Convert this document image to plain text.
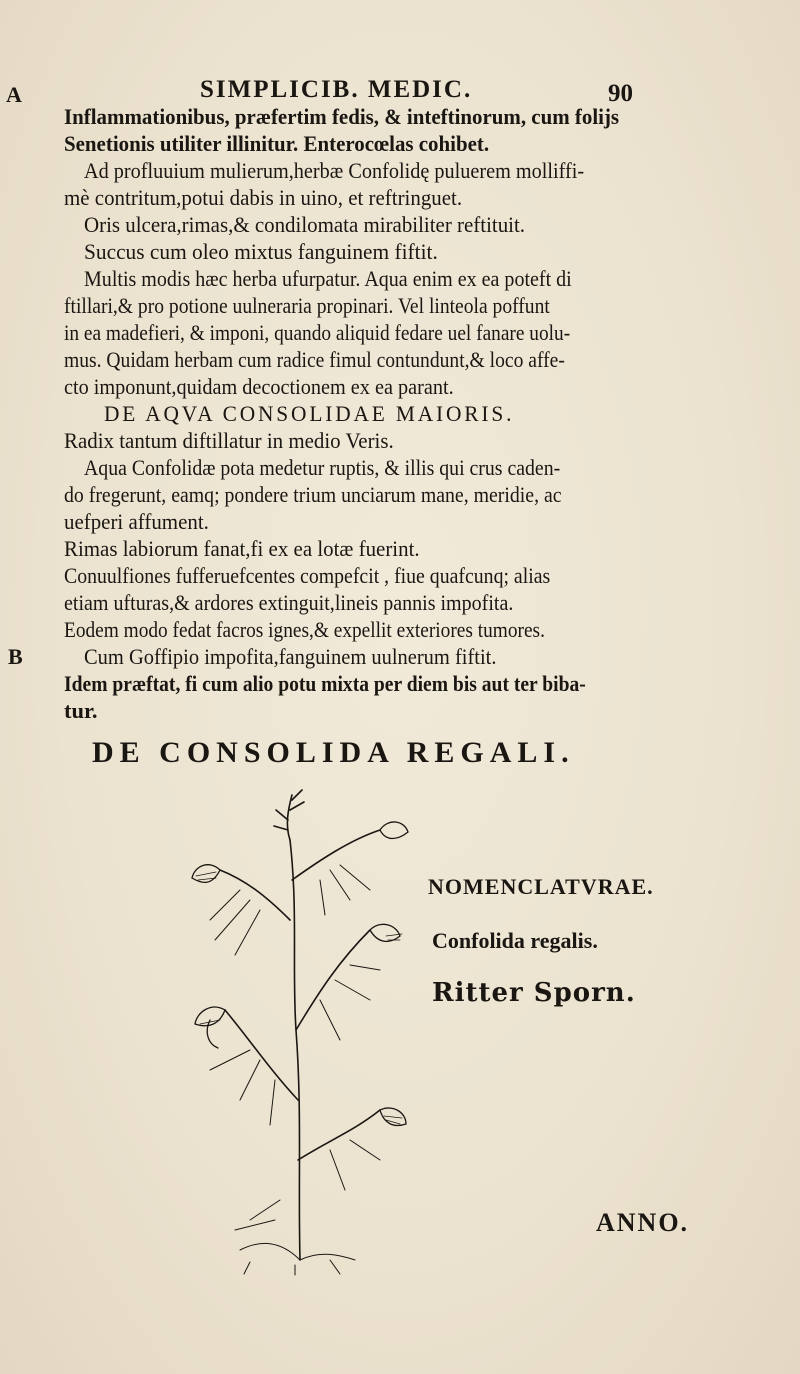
SIMPLICIB. MEDIC.	90
A
B
Inflammationibus, præfertim fedis, & inteftinorum, cum folijs
Senetionis utiliter illinitur. Enterocœlas cohibet.
Ad profluuium mulierum,herbæ Confolidę puluerem molliffi-
mè contritum,potui dabis in uino, et reftringuet.
Oris ulcera,rimas,& condilomata mirabiliter reftituit.
Succus cum oleo mixtus fanguinem fiftit.
Multis modis hæc herba ufurpatur. Aqua enim ex ea poteft di
ftillari,& pro potione uulneraria propinari. Vel linteola poffunt
in ea madefieri, & imponi, quando aliquid fedare uel fanare uolu-
mus. Quidam herbam cum radice fimul contundunt,& loco affe-
cto imponunt,quidam decoctionem ex ea parant.
DE AQVA CONSOLIDAE MAIORIS.
Radix tantum diftillatur in medio Veris.
Aqua Confolidæ pota medetur ruptis, & illis qui crus caden-
do fregerunt, eamq; pondere trium unciarum mane, meridie, ac
uefperi affument.
Rimas labiorum fanat,fi ex ea lotæ fuerint.
Conuulfiones fufferuefcentes compefcit , fiue quafcunq; alias
etiam ufturas,& ardores extinguit,lineis pannis impofita.
Eodem modo fedat facros ignes,& expellit exteriores tumores.
Cum Goffipio impofita,fanguinem uulnerum fiftit.
Idem præftat, fi cum alio potu mixta per diem bis aut ter biba-
tur.
DE CONSOLIDA REGALI.
NOMENCLATVRAE.
Confolida regalis.
Ritter Sporn.
ANNO.
